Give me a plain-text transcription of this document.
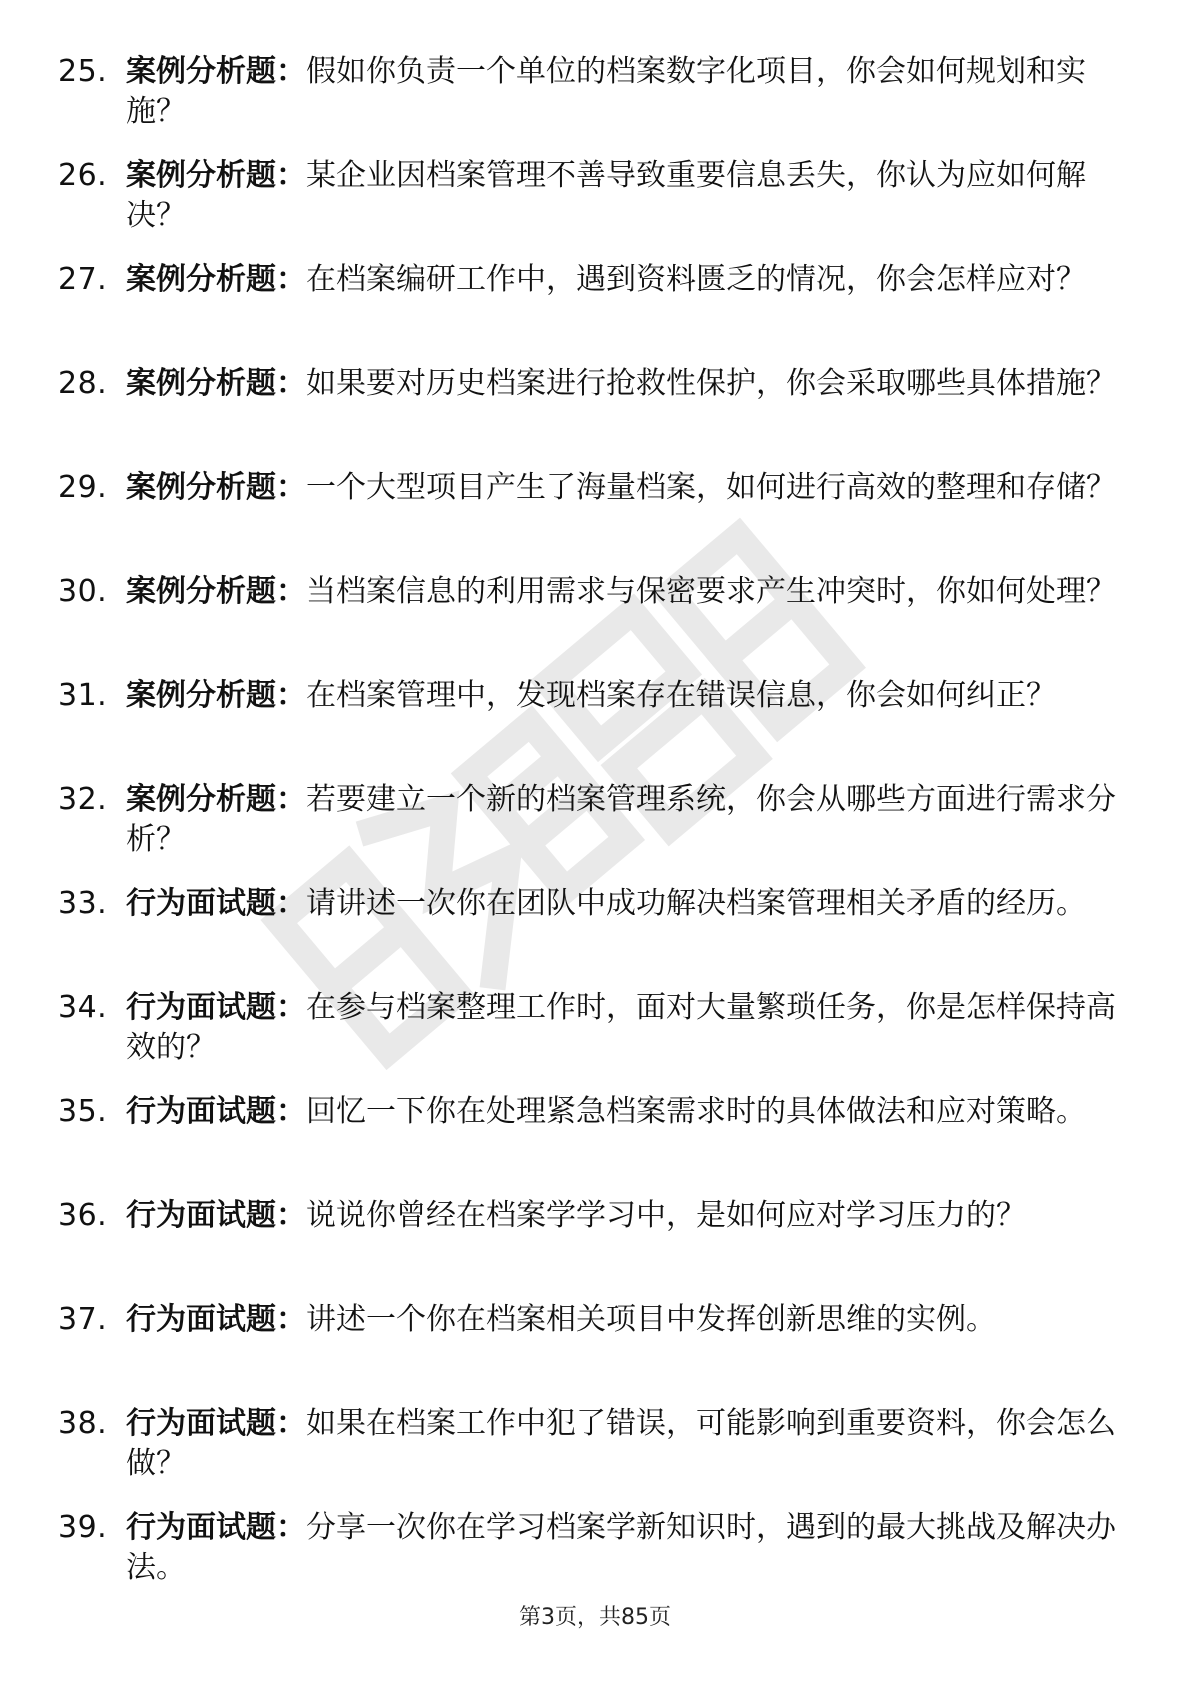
25. 案例分析题：假如你负责一个单位的档案数字化项目，你会如何规划和实施？
26. 案例分析题：某企业因档案管理不善导致重要信息丢失，你认为应如何解决？
27. 案例分析题：在档案编研工作中，遇到资料匮乏的情况，你会怎样应对？
28. 案例分析题：如果要对历史档案进行抢救性保护，你会采取哪些具体措施？
29. 案例分析题：一个大型项目产生了海量档案，如何进行高效的整理和存储？
30. 案例分析题：当档案信息的利用需求与保密要求产生冲突时，你如何处理？
31. 案例分析题：在档案管理中，发现档案存在错误信息，你会如何纠正？
32. 案例分析题：若要建立一个新的档案管理系统，你会从哪些方面进行需求分析？
33. 行为面试题：请讲述一次你在团队中成功解决档案管理相关矛盾的经历。
34. 行为面试题：在参与档案整理工作时，面对大量繁琐任务，你是怎样保持高效的？
35. 行为面试题：回忆一下你在处理紧急档案需求时的具体做法和应对策略。
36. 行为面试题：说说你曾经在档案学学习中，是如何应对学习压力的？
37. 行为面试题：讲述一个你在档案相关项目中发挥创新思维的实例。
38. 行为面试题：如果在档案工作中犯了错误，可能影响到重要资料，你会怎么做？
39. 行为面试题：分享一次你在学习档案学新知识时，遇到的最大挑战及解决办法。
第3页，共85页
